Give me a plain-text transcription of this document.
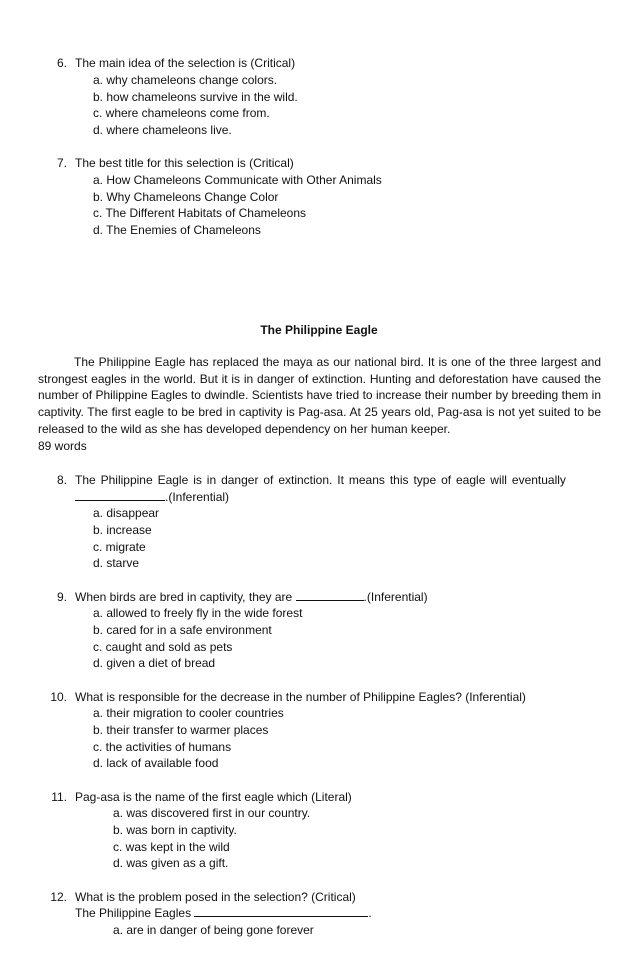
6. The main idea of the selection is (Critical)
a. why chameleons change colors.
b. how chameleons survive in the wild.
c. where chameleons come from.
d. where chameleons live.
7. The best title for this selection is (Critical)
a. How Chameleons Communicate with Other Animals
b. Why Chameleons Change Color
c. The Different Habitats of Chameleons
d. The Enemies of Chameleons
The Philippine Eagle

The Philippine Eagle has replaced the maya as our national bird. It is one of the three largest and strongest eagles in the world. But it is in danger of extinction. Hunting and deforestation have caused the number of Philippine Eagles to dwindle. Scientists have tried to increase their number by breeding them in captivity. The first eagle to be bred in captivity is Pag-asa. At 25 years old, Pag-asa is not yet suited to be released to the wild as she has developed dependency on her human keeper.

89 words
8. The Philippine Eagle is in danger of extinction. It means this type of eagle will eventually
.(Inferential)
a. disappear
b. increase
c. migrate
d. starve
9. When birds are bred in captivity, they are	.(Inferential)
a. allowed to freely fly in the wide forest
b. cared for in a safe environment
c. caught and sold as pets
d. given a diet of bread
10. What is responsible for the decrease in the number of Philippine Eagles? (Inferential)
a. their migration to cooler countries
b. their transfer to warmer places
c. the activities of humans
d. lack of available food
11. Pag-asa is the name of the first eagle which (Literal)
a. was discovered first in our country.
b. was born in captivity.
c. was kept in the wild
d. was given as a gift.
12. What is the problem posed in the selection? (Critical)
The Philippine Eagles	.
a. are in danger of being gone forever
